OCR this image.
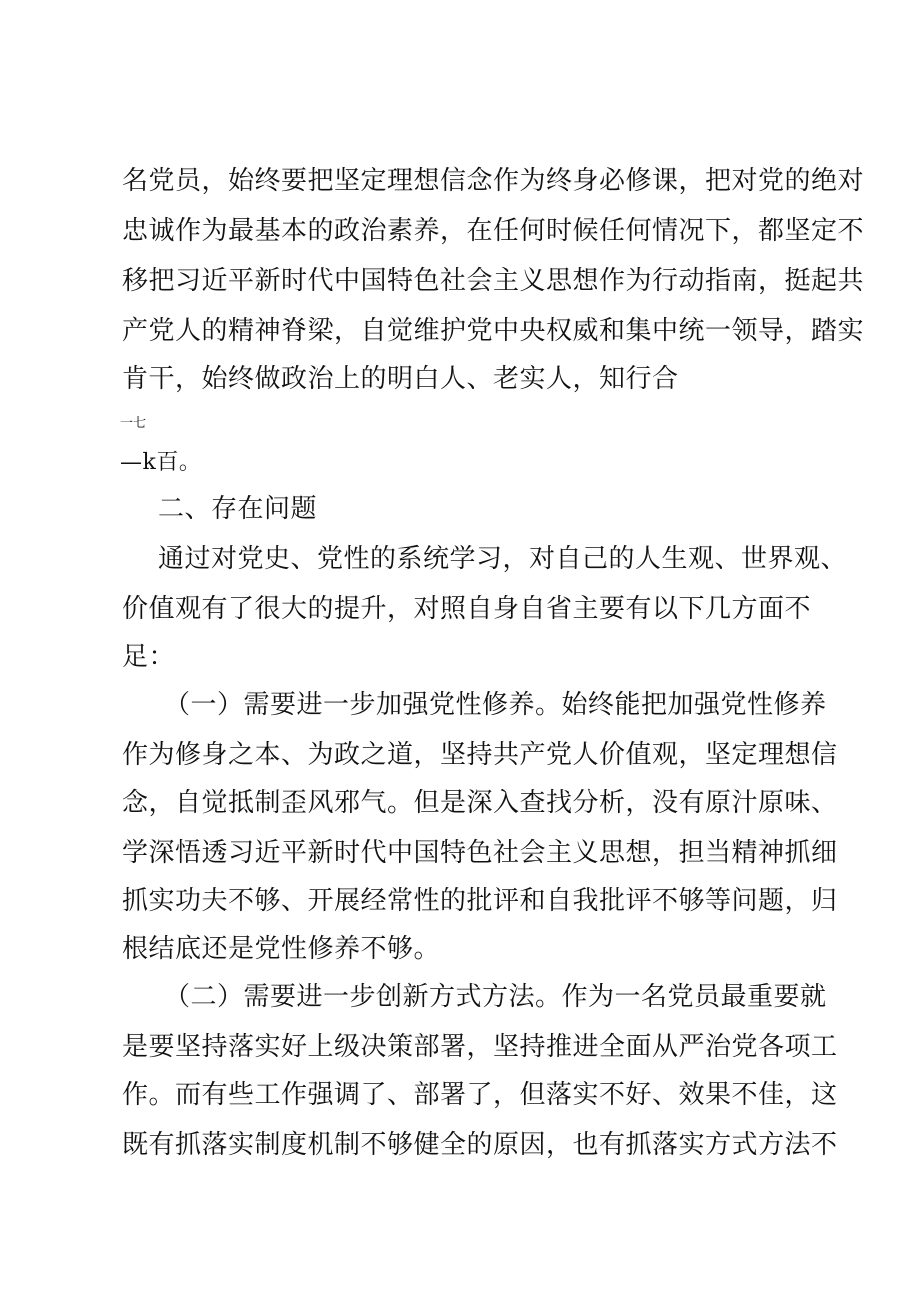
名党员，始终要把坚定理想信念作为终身必修课，把对党的绝对
忠诚作为最基本的政治素养，在任何时候任何情况下，都坚定不
移把习近平新时代中国特色社会主义思想作为行动指南，挺起共
产党人的精神脊梁，自觉维护党中央权威和集中统一领导，踏实
肯干，始终做政治上的明白人、老实人，知行合
一七
—k百。
二、存在问题
通过对党史、党性的系统学习，对自己的人生观、世界观、
价值观有了很大的提升，对照自身自省主要有以下几方面不
足：
（一）需要进一步加强党性修养。始终能把加强党性修养
作为修身之本、为政之道，坚持共产党人价值观，坚定理想信
念，自觉抵制歪风邪气。但是深入查找分析，没有原汁原味、
学深悟透习近平新时代中国特色社会主义思想，担当精神抓细
抓实功夫不够、开展经常性的批评和自我批评不够等问题，归
根结底还是党性修养不够。
（二）需要进一步创新方式方法。作为一名党员最重要就
是要坚持落实好上级决策部署，坚持推进全面从严治党各项工
作。而有些工作强调了、部署了，但落实不好、效果不佳，这
既有抓落实制度机制不够健全的原因，也有抓落实方式方法不
